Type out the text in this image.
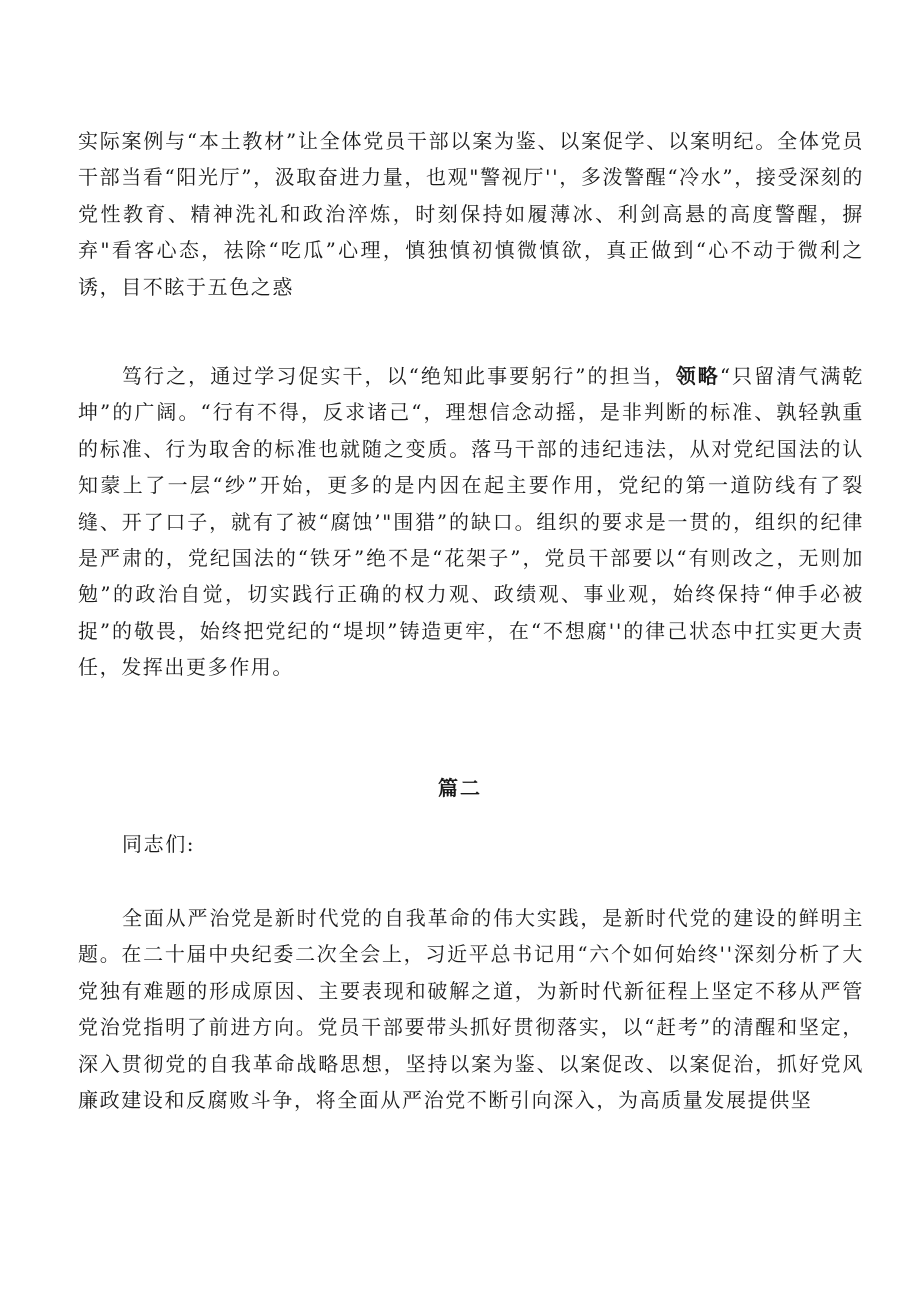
实际案例与“本土教材”让全体党员干部以案为鉴、以案促学、以案明纪。全体党员干部当看“阳光厅”，汲取奋进力量，也观"警视厅''，多泼警醒“冷水”，接受深刻的党性教育、精神洗礼和政治淬炼，时刻保持如履薄冰、利剑高悬的高度警醒，摒弃"看客心态，祛除“吃瓜”心理，慎独慎初慎微慎欲，真正做到“心不动于微利之诱，目不眩于五色之惑

笃行之，通过学习促实干，以“绝知此事要躬行”的担当，领略“只留清气满乾坤”的广阔。“行有不得，反求诸己“，理想信念动摇，是非判断的标准、孰轻孰重的标准、行为取舍的标准也就随之变质。落马干部的违纪违法，从对党纪国法的认知蒙上了一层“纱”开始，更多的是内因在起主要作用，党纪的第一道防线有了裂缝、开了口子，就有了被“腐蚀’"围猎”的缺口。组织的要求是一贯的，组织的纪律是严肃的，党纪国法的“铁牙”绝不是“花架子”，党员干部要以“有则改之，无则加勉”的政治自觉，切实践行正确的权力观、政绩观、事业观，始终保持“伸手必被捉”的敬畏，始终把党纪的“堤坝”铸造更牢，在“不想腐''的律己状态中扛实更大责任，发挥出更多作用。

篇二

同志们:

全面从严治党是新时代党的自我革命的伟大实践，是新时代党的建设的鲜明主题。在二十届中央纪委二次全会上，习近平总书记用“六个如何始终''深刻分析了大党独有难题的形成原因、主要表现和破解之道，为新时代新征程上坚定不移从严管党治党指明了前进方向。党员干部要带头抓好贯彻落实，以“赶考”的清醒和坚定，深入贯彻党的自我革命战略思想，坚持以案为鉴、以案促改、以案促治，抓好党风廉政建设和反腐败斗争，将全面从严治党不断引向深入，为高质量发展提供坚
